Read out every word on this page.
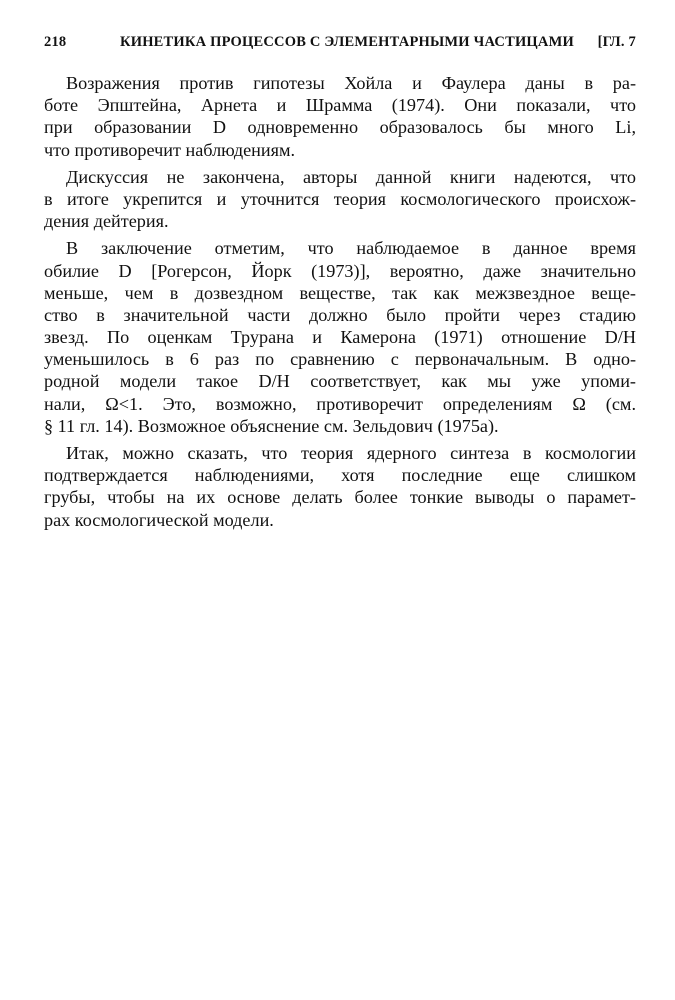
218	КИНЕТИКА ПРОЦЕССОВ С ЭЛЕМЕНТАРНЫМИ ЧАСТИЦАМИ [ГЛ. 7

Возражения против гипотезы Хойла и Фаулера даны в ра-
боте Эпштейна, Арнета и Шрамма (1974). Они показали, что
при образовании D одновременно образовалось бы много Li,
что противоречит наблюдениям.

Дискуссия не закончена, авторы данной книги надеются, что
в итоге укрепится и уточнится теория космологического происхож-
дения дейтерия.

В заключение отметим, что наблюдаемое в данное время
обилие D [Рогерсон, Йорк (1973)], вероятно, даже значительно
меньше, чем в дозвездном веществе, так как межзвездное веще-
ство в значительной части должно было пройти через стадию
звезд. По оценкам Трурана и Камерона (1971) отношение D/H
уменьшилось в 6 раз по сравнению с первоначальным. В одно-
родной модели такое D/H соответствует, как мы уже упоми-
нали, Ω<1. Это, возможно, противоречит определениям Ω (см.
§ 11 гл. 14). Возможное объяснение см. Зельдович (1975а).

Итак, можно сказать, что теория ядерного синтеза в космологии
подтверждается наблюдениями, хотя последние еще слишком
грубы, чтобы на их основе делать более тонкие выводы о парамет-
рах космологической модели.
